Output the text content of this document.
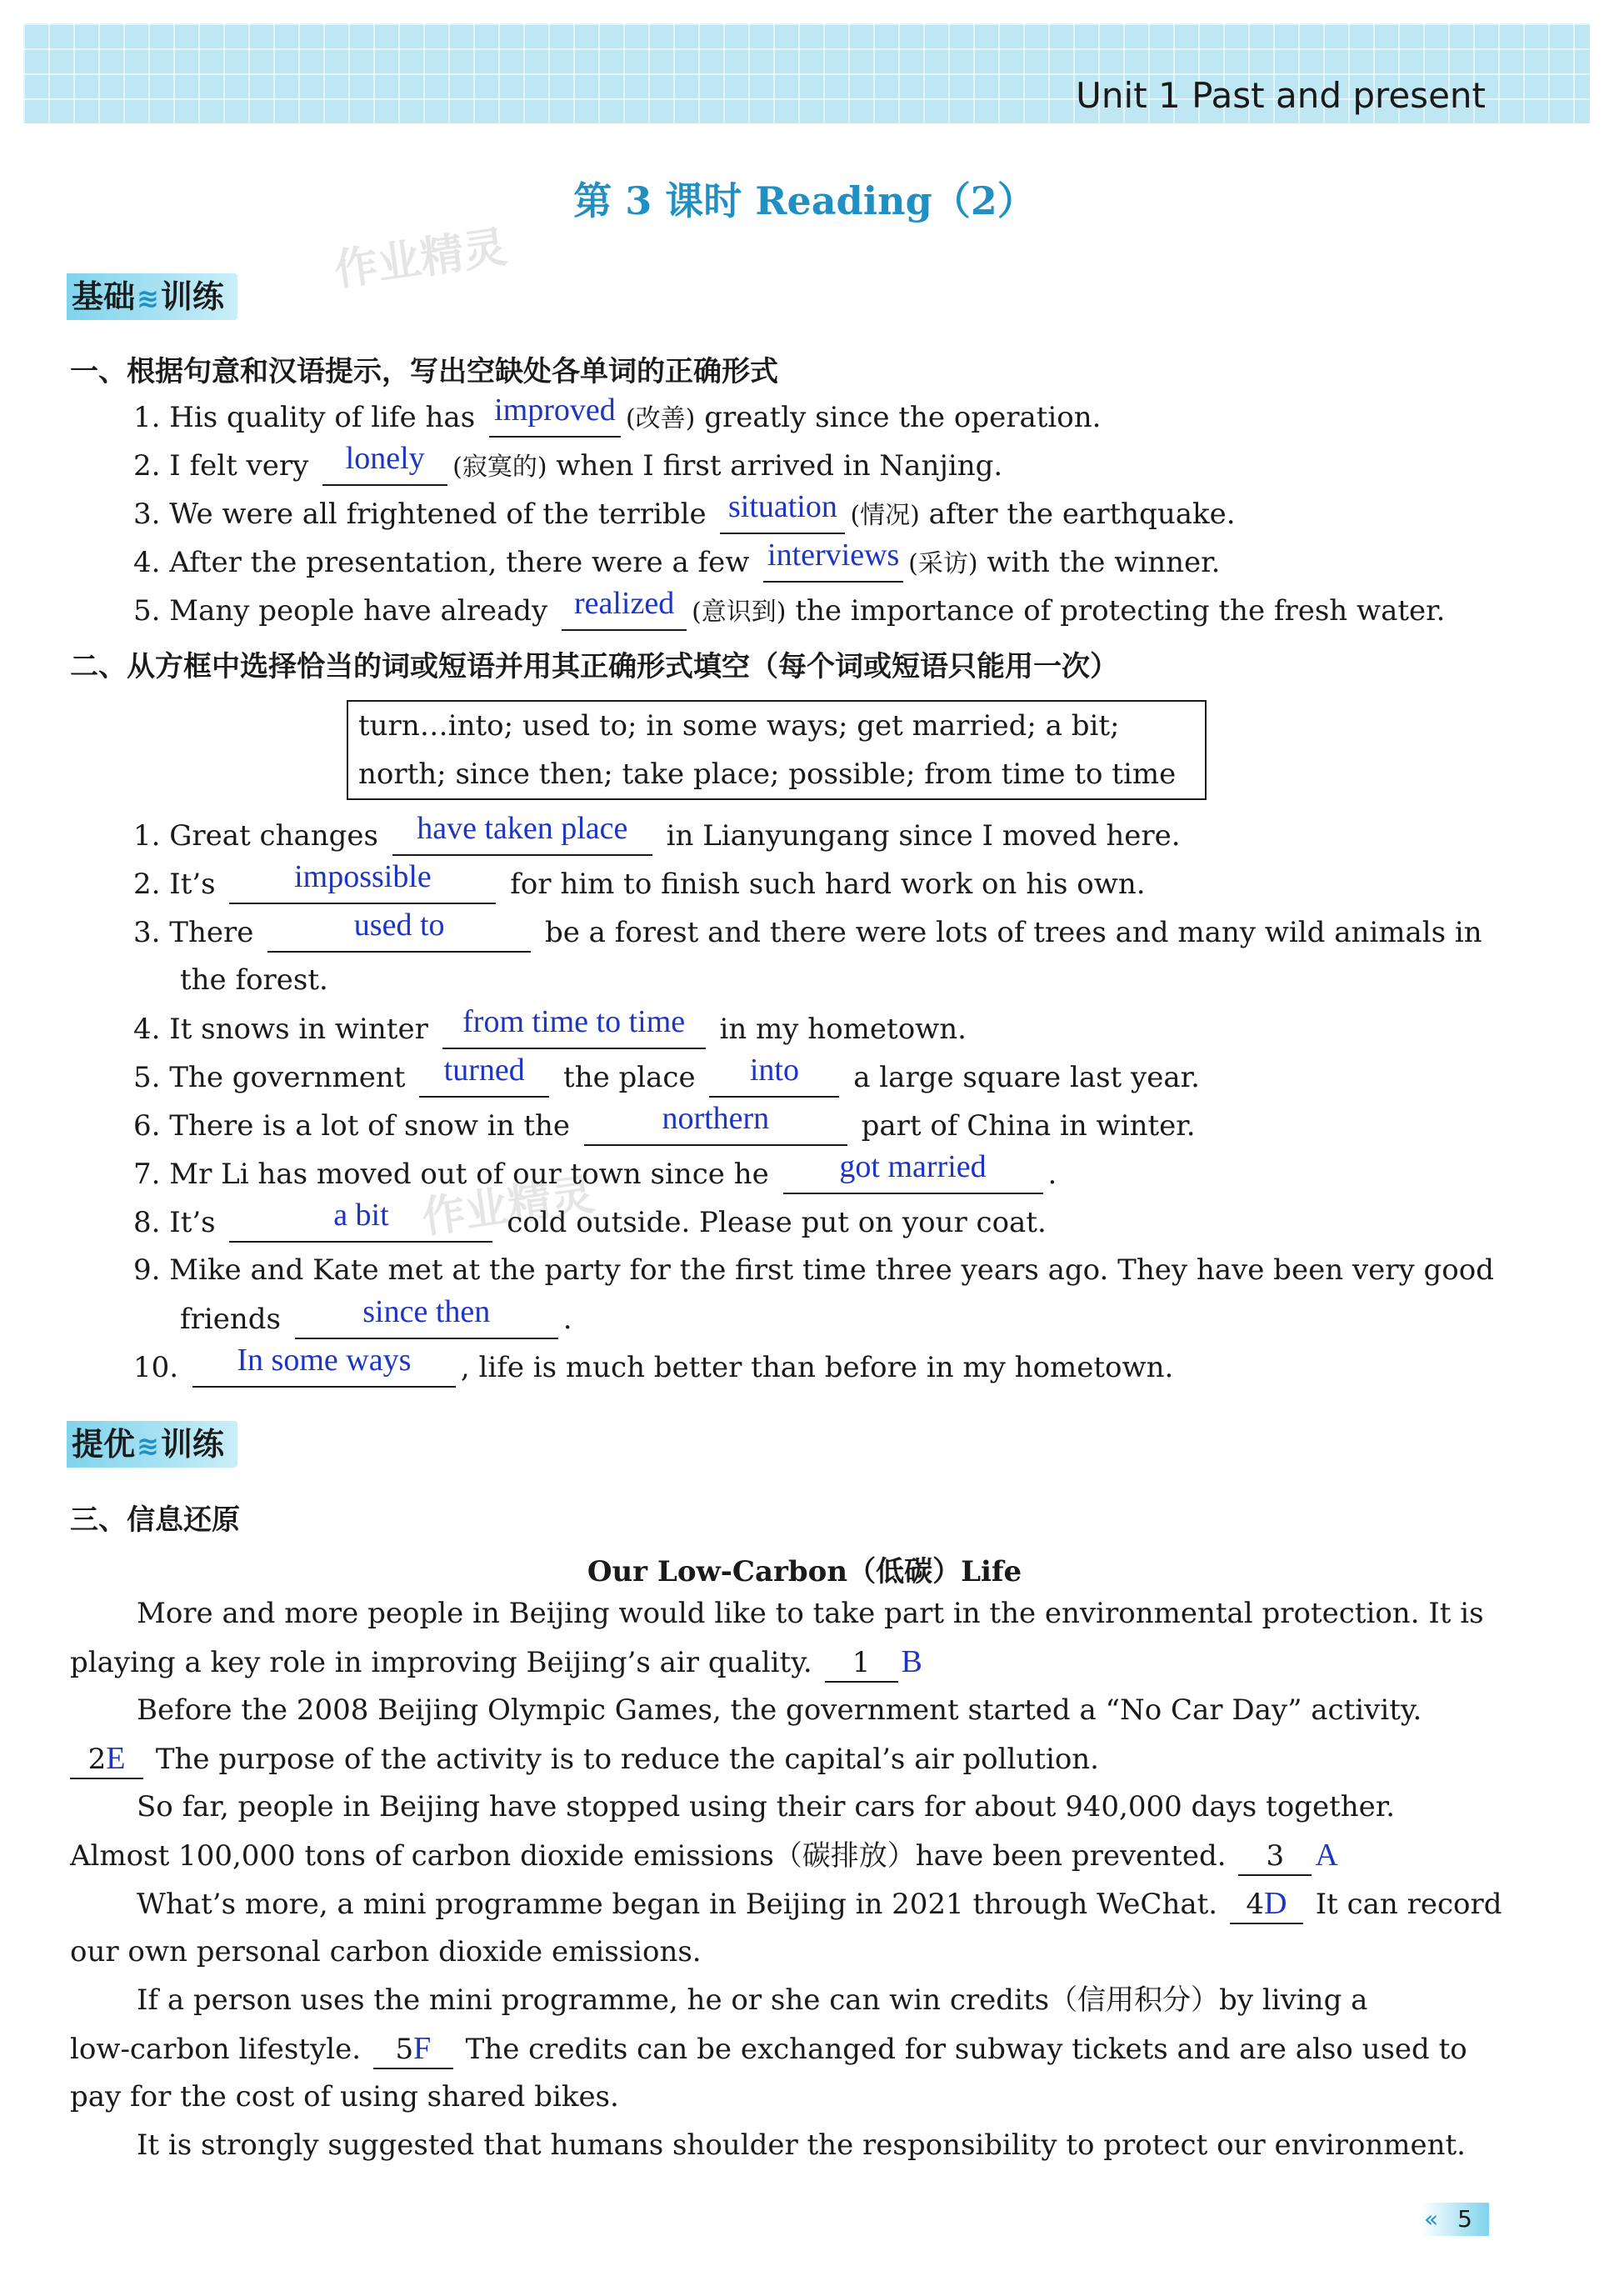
Unit 1 Past and present
第 3 课时 Reading（2）
作业精灵
作业精灵
基础≋训练
一、根据句意和汉语提示，写出空缺处各单词的正确形式
1. His quality of life has improved (改善) greatly since the operation.
2. I felt very lonely (寂寞的) when I first arrived in Nanjing.
3. We were all frightened of the terrible situation (情况) after the earthquake.
4. After the presentation, there were a few interviews (采访) with the winner.
5. Many people have already realized (意识到) the importance of protecting the fresh water.
二、从方框中选择恰当的词或短语并用其正确形式填空（每个词或短语只能用一次）
turn…into; used to; in some ways; get married; a bit;
north; since then; take place; possible; from time to time
1. Great changes have taken place in Lianyungang since I moved here.
2. It’s impossible	for him to finish such hard work on his own.
3. There	used to	be a forest and there were lots of trees and many wild animals in
the forest.
4. It snows in winter from time to time in my hometown.
5. The government turned the place into a large square last year.
6. There is a lot of snow in the	northern	part of China in winter.
7. Mr Li has moved out of our town since he got married .
8. It’s	a bit	cold outside. Please put on your coat.
9. Mike and Kate met at the party for the first time three years ago. They have been very good
friends	since then	.
10. In some ways , life is much better than before in my hometown.
提优≋训练
三、信息还原
Our Low-Carbon（低碳）Life
More and more people in Beijing would like to take part in the environmental protection. It is
playing a key role in improving Beijing’s air quality. 1 B
Before the 2008 Beijing Olympic Games, the government started a “No Car Day” activity.
2E The purpose of the activity is to reduce the capital’s air pollution.
So far, people in Beijing have stopped using their cars for about 940,000 days together.
Almost 100,000 tons of carbon dioxide emissions（碳排放）have been prevented. 3 A
What’s more, a mini programme began in Beijing in 2021 through WeChat. 4D It can record
our own personal carbon dioxide emissions.
If a person uses the mini programme, he or she can win credits（信用积分）by living a
low-carbon lifestyle. 5F The credits can be exchanged for subway tickets and are also used to
pay for the cost of using shared bikes.
It is strongly suggested that humans shoulder the responsibility to protect our environment.
« 5
